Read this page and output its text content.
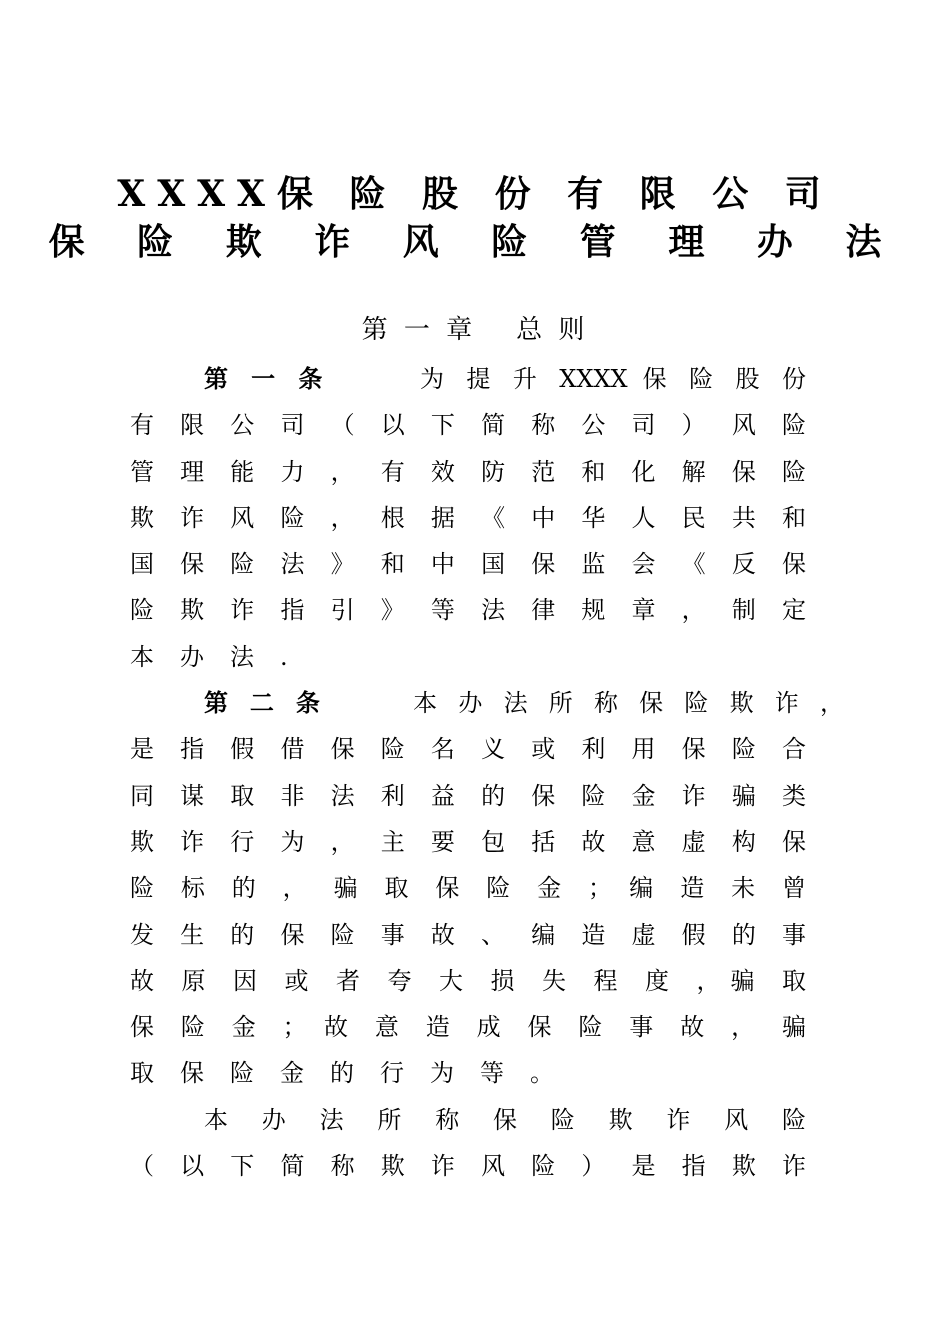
XXXX保 险 股 份 有 限 公 司
保 险 欺 诈 风 险 管 理 办 法
第 一 章 总 则
第 一 条	为 提 升 XXXX 保 险 股 份
有 限 公 司 （ 以 下 简 称 公 司 ） 风 险
管 理 能 力 ， 有 效 防 范 和 化 解 保 险
欺 诈 风 险 ， 根 据 《 中 华 人 民 共 和
国 保 险 法 》 和 中 国 保 监 会 《 反 保
险 欺 诈 指 引 》 等 法 律 规 章 ， 制 定
本办法.
第 二 条	本 办 法 所 称 保 险 欺 诈 ，
是 指 假 借 保 险 名 义 或 利 用 保 险 合
同 谋 取 非 法 利 益 的 保 险 金 诈 骗 类
欺 诈 行 为 ， 主 要 包 括 故 意 虚 构 保
险 标 的 ， 骗 取 保 险 金 ； 编 造 未 曾
发 生 的 保 险 事 故 、 编 造 虚 假 的 事
故 原 因 或 者 夸 大 损 失 程 度 ，骗 取
保 险 金 ； 故 意 造 成 保 险 事 故 ， 骗
取保险金的行为等。
本 办 法 所 称 保 险 欺 诈 风 险
（ 以 下 简 称 欺 诈 风 险 ） 是 指 欺 诈
